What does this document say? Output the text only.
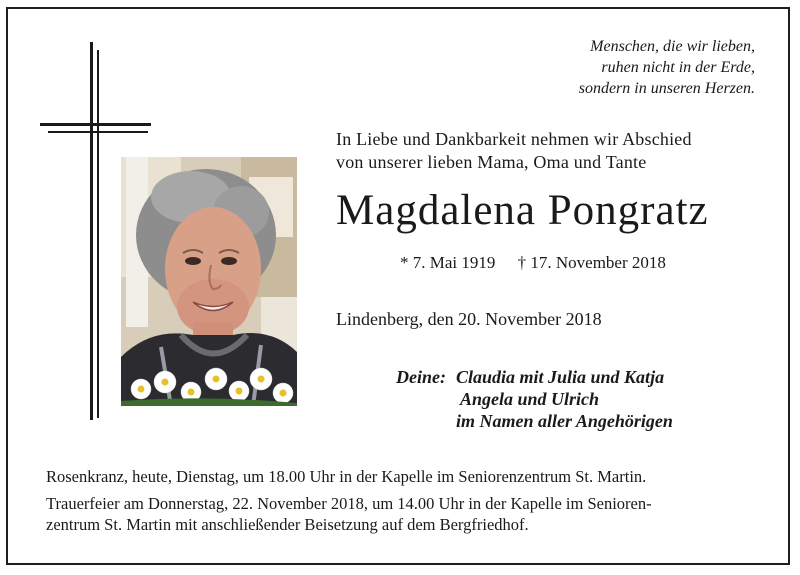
Menschen, die wir lieben,
ruhen nicht in der Erde,
sondern in unseren Herzen.
In Liebe und Dankbarkeit nehmen wir Abschied
von unserer lieben Mama, Oma und Tante
Magdalena Pongratz
* 7. Mai 1919 † 17. November 2018
Lindenberg, den 20. November 2018
Deine: Claudia mit Julia und Katja
Angela und Ulrich
im Namen aller Angehörigen

Rosenkranz, heute, Dienstag, um 18.00 Uhr in der Kapelle im Seniorenzentrum St. Martin.

Trauerfeier am Donnerstag, 22. November 2018, um 14.00 Uhr in der Kapelle im Senioren-
zentrum St. Martin mit anschließender Beisetzung auf dem Bergfriedhof.
